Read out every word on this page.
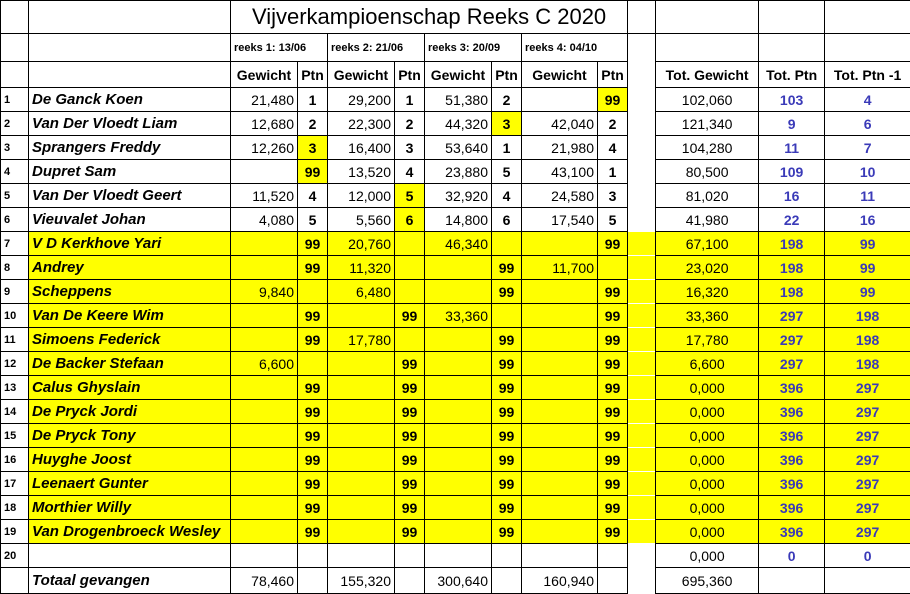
		Vijverkampioenschap Reeks C 2020											
		reeks 1: 13/06		reeks 2: 21/06		reeks 3: 20/09		reeks 4: 04/10					
		Gewicht	Ptn	Gewicht	Ptn	Gewicht	Ptn	Gewicht	Ptn		Tot. Gewicht	Tot. Ptn	Tot. Ptn -1
1	De Ganck Koen	21,480	1	29,200	1	51,380	2		99		102,060	103	4
2	Van Der Vloedt Liam	12,680	2	22,300	2	44,320	3	42,040	2		121,340	9	6
3	Sprangers Freddy	12,260	3	16,400	3	53,640	1	21,980	4		104,280	11	7
4	Dupret Sam		99	13,520	4	23,880	5	43,100	1		80,500	109	10
5	Van Der Vloedt Geert	11,520	4	12,000	5	32,920	4	24,580	3		81,020	16	11
6	Vieuvalet Johan	4,080	5	5,560	6	14,800	6	17,540	5		41,980	22	16
7	V D Kerkhove Yari		99	20,760		46,340			99		67,100	198	99
8	Andrey		99	11,320			99	11,700			23,020	198	99
9	Scheppens	9,840		6,480			99		99		16,320	198	99
10	Van De Keere Wim		99		99	33,360			99		33,360	297	198
11	Simoens Federick		99	17,780			99		99		17,780	297	198
12	De Backer Stefaan	6,600			99		99		99		6,600	297	198
13	Calus Ghyslain		99		99		99		99		0,000	396	297
14	De Pryck Jordi		99		99		99		99		0,000	396	297
15	De Pryck Tony		99		99		99		99		0,000	396	297
16	Huyghe Joost		99		99		99		99		0,000	396	297
17	Leenaert Gunter		99		99		99		99		0,000	396	297
18	Morthier Willy		99		99		99		99		0,000	396	297
19	Van Drogenbroeck Wesley		99		99		99		99		0,000	396	297
20											0,000	0	0
	Totaal gevangen	78,460		155,320		300,640		160,940			695,360		
